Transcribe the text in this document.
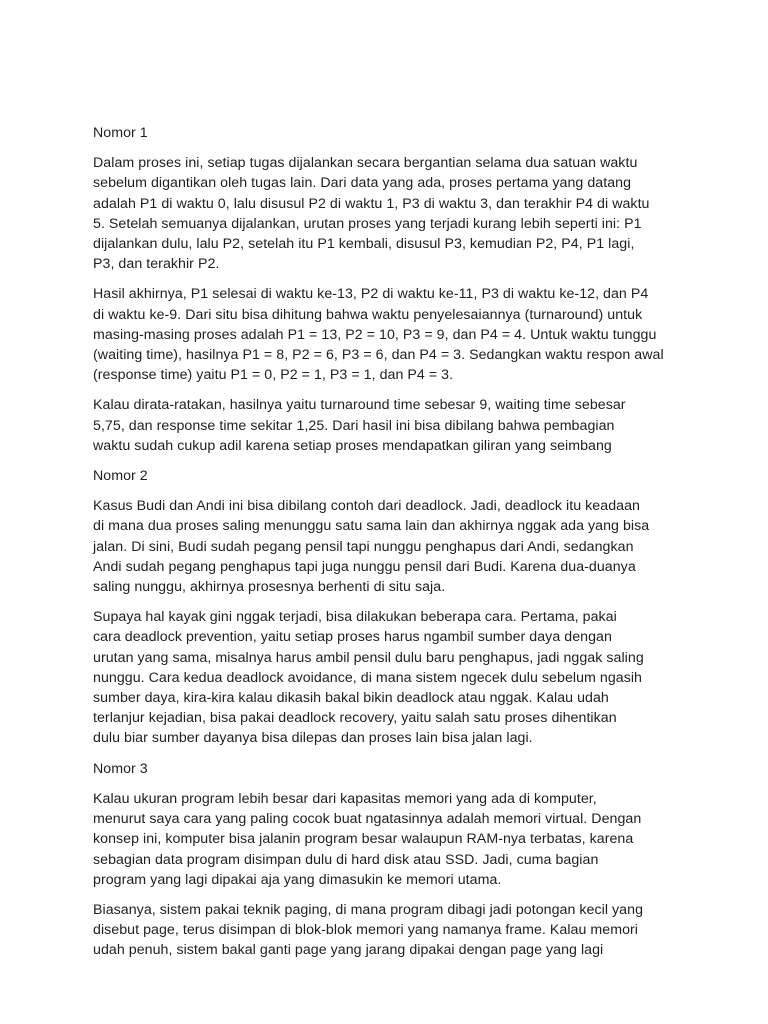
Nomor 1

Dalam proses ini, setiap tugas dijalankan secara bergantian selama dua satuan waktu
sebelum digantikan oleh tugas lain. Dari data yang ada, proses pertama yang datang
adalah P1 di waktu 0, lalu disusul P2 di waktu 1, P3 di waktu 3, dan terakhir P4 di waktu
5. Setelah semuanya dijalankan, urutan proses yang terjadi kurang lebih seperti ini: P1
dijalankan dulu, lalu P2, setelah itu P1 kembali, disusul P3, kemudian P2, P4, P1 lagi,
P3, dan terakhir P2.

Hasil akhirnya, P1 selesai di waktu ke-13, P2 di waktu ke-11, P3 di waktu ke-12, dan P4
di waktu ke-9. Dari situ bisa dihitung bahwa waktu penyelesaiannya (turnaround) untuk
masing-masing proses adalah P1 = 13, P2 = 10, P3 = 9, dan P4 = 4. Untuk waktu tunggu
(waiting time), hasilnya P1 = 8, P2 = 6, P3 = 6, dan P4 = 3. Sedangkan waktu respon awal
(response time) yaitu P1 = 0, P2 = 1, P3 = 1, dan P4 = 3.

Kalau dirata-ratakan, hasilnya yaitu turnaround time sebesar 9, waiting time sebesar
5,75, dan response time sekitar 1,25. Dari hasil ini bisa dibilang bahwa pembagian
waktu sudah cukup adil karena setiap proses mendapatkan giliran yang seimbang

Nomor 2

Kasus Budi dan Andi ini bisa dibilang contoh dari deadlock. Jadi, deadlock itu keadaan
di mana dua proses saling menunggu satu sama lain dan akhirnya nggak ada yang bisa
jalan. Di sini, Budi sudah pegang pensil tapi nunggu penghapus dari Andi, sedangkan
Andi sudah pegang penghapus tapi juga nunggu pensil dari Budi. Karena dua-duanya
saling nunggu, akhirnya prosesnya berhenti di situ saja.

Supaya hal kayak gini nggak terjadi, bisa dilakukan beberapa cara. Pertama, pakai
cara deadlock prevention, yaitu setiap proses harus ngambil sumber daya dengan
urutan yang sama, misalnya harus ambil pensil dulu baru penghapus, jadi nggak saling
nunggu. Cara kedua deadlock avoidance, di mana sistem ngecek dulu sebelum ngasih
sumber daya, kira-kira kalau dikasih bakal bikin deadlock atau nggak. Kalau udah
terlanjur kejadian, bisa pakai deadlock recovery, yaitu salah satu proses dihentikan
dulu biar sumber dayanya bisa dilepas dan proses lain bisa jalan lagi.

Nomor 3

Kalau ukuran program lebih besar dari kapasitas memori yang ada di komputer,
menurut saya cara yang paling cocok buat ngatasinnya adalah memori virtual. Dengan
konsep ini, komputer bisa jalanin program besar walaupun RAM-nya terbatas, karena
sebagian data program disimpan dulu di hard disk atau SSD. Jadi, cuma bagian
program yang lagi dipakai aja yang dimasukin ke memori utama.

Biasanya, sistem pakai teknik paging, di mana program dibagi jadi potongan kecil yang
disebut page, terus disimpan di blok-blok memori yang namanya frame. Kalau memori
udah penuh, sistem bakal ganti page yang jarang dipakai dengan page yang lagi
